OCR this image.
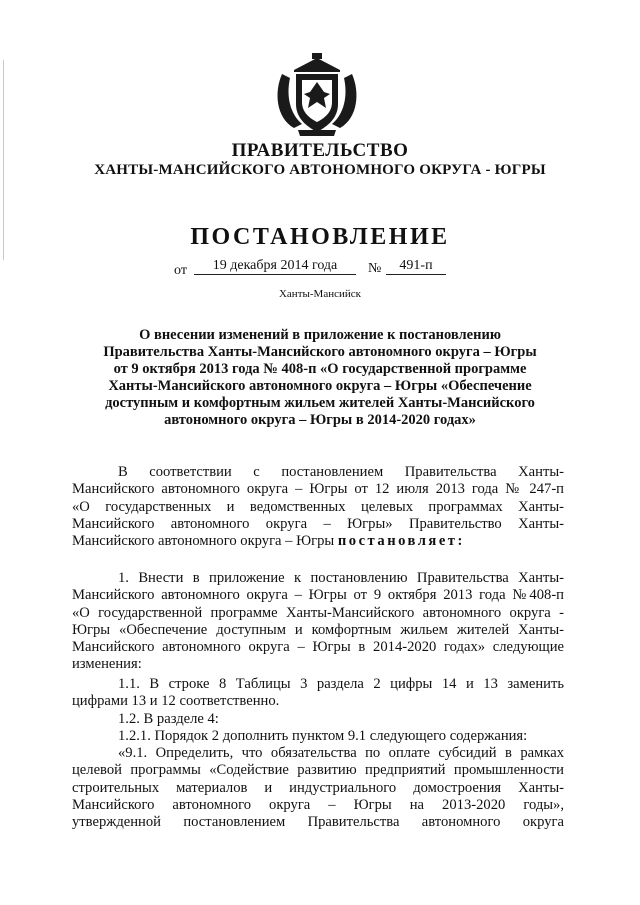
ПРАВИТЕЛЬСТВО
ХАНТЫ-МАНСИЙСКОГО АВТОНОМНОГО ОКРУГА - ЮГРЫ
ПОСТАНОВЛЕНИЕ
от	19 декабря 2014 года	№	491-п
Ханты-Мансийск
О внесении изменений в приложение к постановлению
Правительства Ханты-Мансийского автономного округа – Югры
от 9 октября 2013 года № 408-п «О государственной программе
Ханты-Мансийского автономного округа – Югры «Обеспечение
доступным и комфортным жильем жителей Ханты-Мансийского
автономного округа – Югры в 2014-2020 годах»
В соответствии с постановлением Правительства Ханты-
Мансийского автономного округа – Югры от 12 июля 2013 года № 247-п
«О государственных и ведомственных целевых программах Ханты-
Мансийского автономного округа – Югры» Правительство Ханты-
Мансийского автономного округа – Югры постановляет:
1. Внести в приложение к постановлению Правительства Ханты-
Мансийского автономного округа – Югры от 9 октября 2013 года №408-п
«О государственной программе Ханты-Мансийского автономного округа -
Югры «Обеспечение доступным и комфортным жильем жителей Ханты-
Мансийского автономного округа – Югры в 2014-2020 годах» следующие
изменения:
1.1. В строке 8 Таблицы 3 раздела 2 цифры 14 и 13 заменить
цифрами 13 и 12 соответственно.
1.2. В разделе 4:
1.2.1. Порядок 2 дополнить пунктом 9.1 следующего содержания:
«9.1. Определить, что обязательства по оплате субсидий в рамках
целевой программы «Содействие развитию предприятий промышленности
строительных материалов и индустриального домостроения Ханты-
Мансийского автономного округа – Югры на 2013-2020 годы»,
утвержденной постановлением Правительства автономного округа
